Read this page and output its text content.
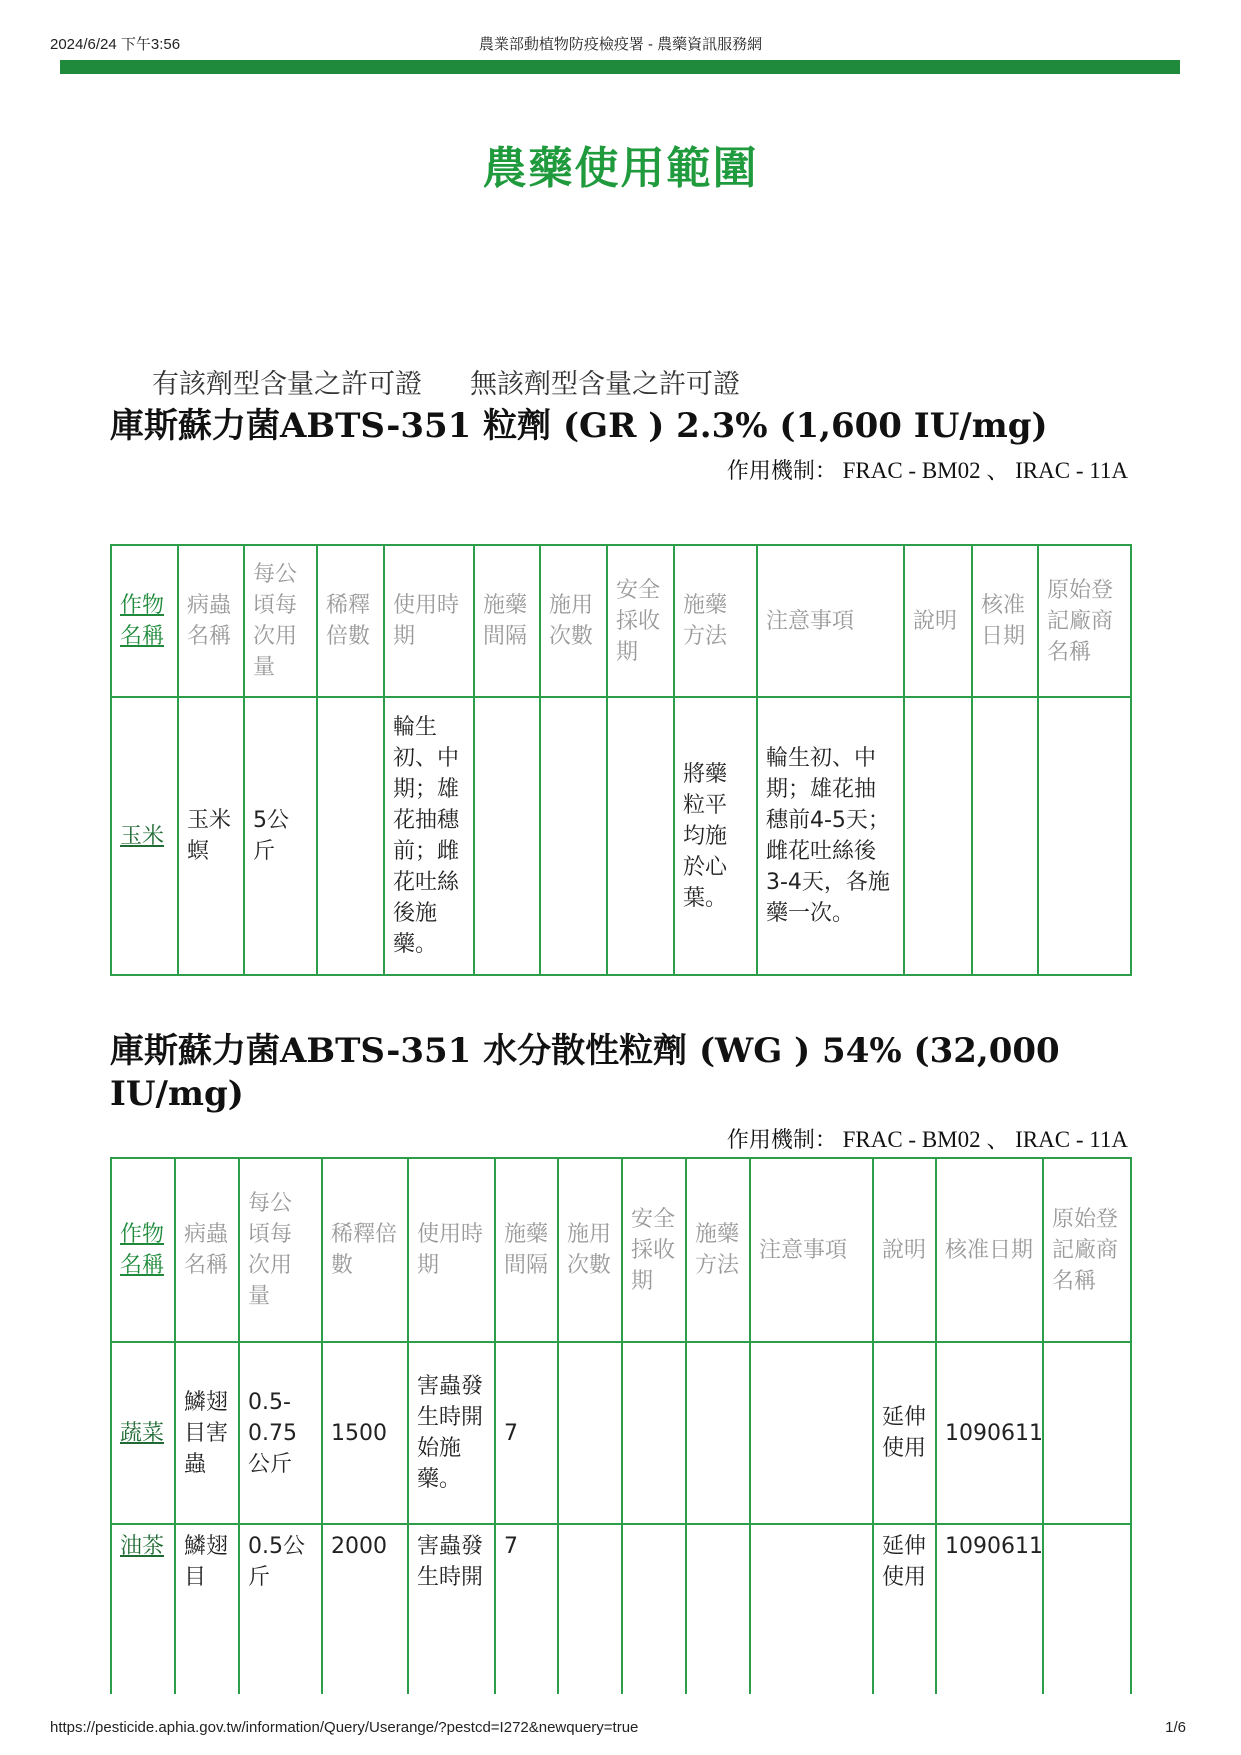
2024/6/24 下午3:56	農業部動植物防疫檢疫署 - 農藥資訊服務網
農藥使用範圍
有該劑型含量之許可證 無該劑型含量之許可證
庫斯蘇力菌ABTS-351 粒劑 (GR ) 2.3% (1,600 IU/mg)
作用機制： FRAC - BM02 、 IRAC - 11A
作物名稱	病蟲名稱	每公頃每次用量	稀釋倍數	使用時期	施藥間隔	施用次數	安全採收期	施藥方法	注意事項	說明	核准日期	原始登記廠商名稱
玉米	玉米螟	5公斤		輪生初、中期；雄花抽穗前；雌花吐絲後施藥。				將藥粒平均施於心葉。	輪生初、中期；雄花抽穗前4-5天；雌花吐絲後3-4天，各施藥一次。			
庫斯蘇力菌ABTS-351 水分散性粒劑 (WG ) 54% (32,000 IU/mg)
作用機制： FRAC - BM02 、 IRAC - 11A
作物名稱	病蟲名稱	每公頃每次用量	稀釋倍數	使用時期	施藥間隔	施用次數	安全採收期	施藥方法	注意事項	說明	核准日期	原始登記廠商名稱
蔬菜	鱗翅目害蟲	0.5-0.75公斤	1500	害蟲發生時開始施藥。	7					延伸使用	1090611	
油茶	鱗翅目	0.5公斤	2000	害蟲發生時開	7					延伸使用	1090611	
https://pesticide.aphia.gov.tw/information/Query/Userange/?pestcd=I272&newquery=true	1/6
